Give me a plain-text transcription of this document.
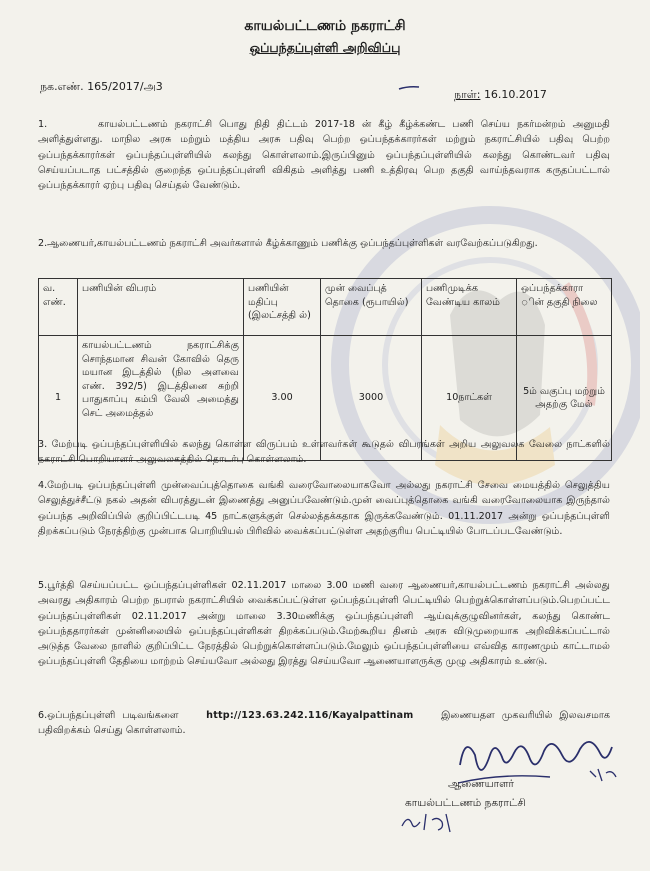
காயல்பட்டணம் நகராட்சி
ஒப்பந்தப்புள்ளி அறிவிப்பு
நக.எண். 165/2017/அ3
நாள்: 16.10.2017

1.	காயல்பட்டணம் நகராட்சி பொது நிதி திட்டம் 2017-18 ன் கீழ் கீழ்க்கண்ட பணி செய்ய நகர்மன்றம் அனுமதி அளித்துள்ளது. மாநில அரசு மற்றும் மத்திய அரசு பதிவு பெற்ற ஒப்பந்தக்காரர்கள் மற்றும் நகராட்சியில் பதிவு பெற்ற ஒப்பந்தக்காரர்கள் ஒப்பந்தப்புள்ளியில் கலந்து கொள்ளலாம்.இருப்பினும் ஒப்பந்தப்புள்ளியில் கலந்து கொண்டவர் பதிவு செய்யப்படாத பட்சத்தில் குறைந்த ஒப்பந்தப்புள்ளி விகிதம் அளித்து பணி உத்திரவு பெற தகுதி வாய்ந்தவராக கருதப்பட்டால் ஒப்பந்தக்காரர் ஏற்பு பதிவு செய்தல் வேண்டும்.

2.ஆணையர்,காயல்பட்டணம் நகராட்சி அவர்களால் கீழ்க்காணும் பணிக்கு ஒப்பந்தப்புள்ளிகள் வரவேற்கப்படுகிறது.

வ. எண்.	பணியின் விபரம்	பணியின் மதிப்பு (இலட்சத்தி ல்)	முன் வைப்புத் தொகை (ரூபாயில்)	பணிமுடிக்க வேண்டிய காலம்	ஒப்பந்தக்காரா ின் தகுதி நிலை
1	காயல்பட்டணம் நகராட்சிக்கு சொந்தமான சிவன் கோவில் தெரு மயான இடத்தில் (நில அளவை எண். 392/5) இடத்தினை சுற்றி பாதுகாப்பு கம்பி வேலி அமைத்து செட் அமைத்தல்	3.00	3000	10நாட்கள்	5ம் வகுப்பு மற்றும் அதற்கு மேல்

3. மேற்படி ஒப்பந்தப்புள்ளியில் கலந்து கொள்ள விருப்பம் உள்ளவர்கள் கூடுதல் விபரங்கள் அறிய அலுவலக வேலை நாட்களில் நகராட்சி பொறியாளர் அலுவலகத்தில் தொடர்பு கொள்ளலாம்.

4.மேற்படி ஒப்பந்தப்புள்ளி முன்வைப்புத்தொகை வங்கி வரைவோலையாகவோ அல்லது நகராட்சி சேவை மையத்தில் செலுத்திய செலுத்துச்சீட்டு நகல் அதன் விபரத்துடன் இணைத்து அனுப்பவேண்டும்.முன் வைப்புத்தொகை வங்கி வரைவோலையாக இருந்தால் ஒப்பந்த அறிவிப்பில் குறிப்பிட்டபடி 45 நாட்களுக்குள் செல்லத்தக்கதாக இருக்கவேண்டும். 01.11.2017 அன்று ஒப்பந்தப்புள்ளி திறக்கப்படும் நேரத்திற்கு முன்பாக பொறியியல் பிரிவில் வைக்கப்பட்டுள்ள அதற்குரிய பெட்டியில் போடப்படவேண்டும்.

5.பூர்த்தி செய்யப்பட்ட ஒப்பந்தப்புள்ளிகள் 02.11.2017 மாலை 3.00 மணி வரை ஆணையர்,காயல்பட்டணம் நகராட்சி அல்லது அவரது அதிகாரம் பெற்ற நபரால் நகராட்சியில் வைக்கப்பட்டுள்ள ஒப்பந்தப்புள்ளி பெட்டியில் பெற்றுக்கொள்ளப்படும்.பெறப்பட்ட ஒப்பந்தப்புள்ளிகள் 02.11.2017 அன்று மாலை 3.30மணிக்கு ஒப்பந்தப்புள்ளி ஆய்வுக்குழுவினர்கள், கலந்து கொண்ட ஒப்பந்ததாரர்கள் முன்னிலையில் ஒப்பந்தப்புள்ளிகள் திறக்கப்படும்.மேற்கூறிய தினம் அரசு விடுமுறையாக அறிவிக்கப்பட்டால் அடுத்த வேலை நாளில் குறிப்பிட்ட நேரத்தில் பெற்றுக்கொள்ளப்படும்.மேலும் ஒப்பந்தப்புள்ளியை எவ்வித காரணமும் காட்டாமல் ஒப்பந்தப்புள்ளி தேதியை மாற்றம் செய்யவோ அல்லது இரத்து செய்யவோ ஆணையாளருக்கு முழு அதிகாரம் உண்டு.

6.ஒப்பந்தப்புள்ளி படிவங்களை	http://123.63.242.116/Kayalpattinam	இணையதள முகவரியில் இலவசமாக பதிவிறக்கம் செய்து கொள்ளலாம்.

ஆணையாளர்
காயல்பட்டணம் நகராட்சி
